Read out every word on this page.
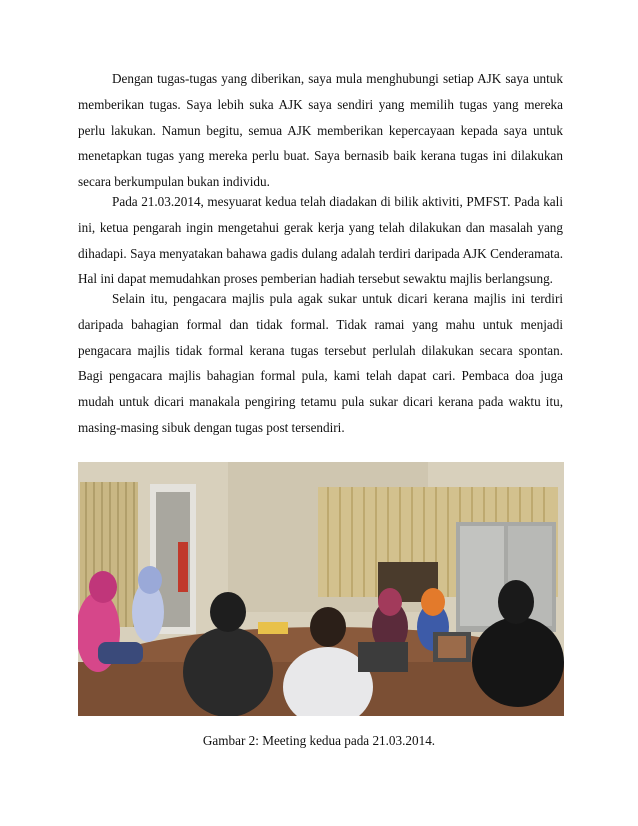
Dengan tugas-tugas yang diberikan, saya mula menghubungi setiap AJK saya untuk memberikan tugas. Saya lebih suka AJK saya sendiri yang memilih tugas yang mereka perlu lakukan. Namun begitu, semua AJK memberikan kepercayaan kepada saya untuk menetapkan tugas yang mereka perlu buat. Saya bernasib baik kerana tugas ini dilakukan secara berkumpulan bukan individu.

Pada 21.03.2014, mesyuarat kedua telah diadakan di bilik aktiviti, PMFST. Pada kali ini, ketua pengarah ingin mengetahui gerak kerja yang telah dilakukan dan masalah yang dihadapi. Saya menyatakan bahawa gadis dulang adalah terdiri daripada AJK Cenderamata. Hal ini dapat memudahkan proses pemberian hadiah tersebut sewaktu majlis berlangsung.

Selain itu, pengacara majlis pula agak sukar untuk dicari kerana majlis ini terdiri daripada bahagian formal dan tidak formal. Tidak ramai yang mahu untuk menjadi pengacara majlis tidak formal kerana tugas tersebut perlulah dilakukan secara spontan. Bagi pengacara majlis bahagian formal pula, kami telah dapat cari. Pembaca doa juga mudah untuk dicari manakala pengiring tetamu pula sukar dicari kerana pada waktu itu, masing-masing sibuk dengan tugas post tersendiri.

Gambar 2: Meeting kedua pada 21.03.2014.
